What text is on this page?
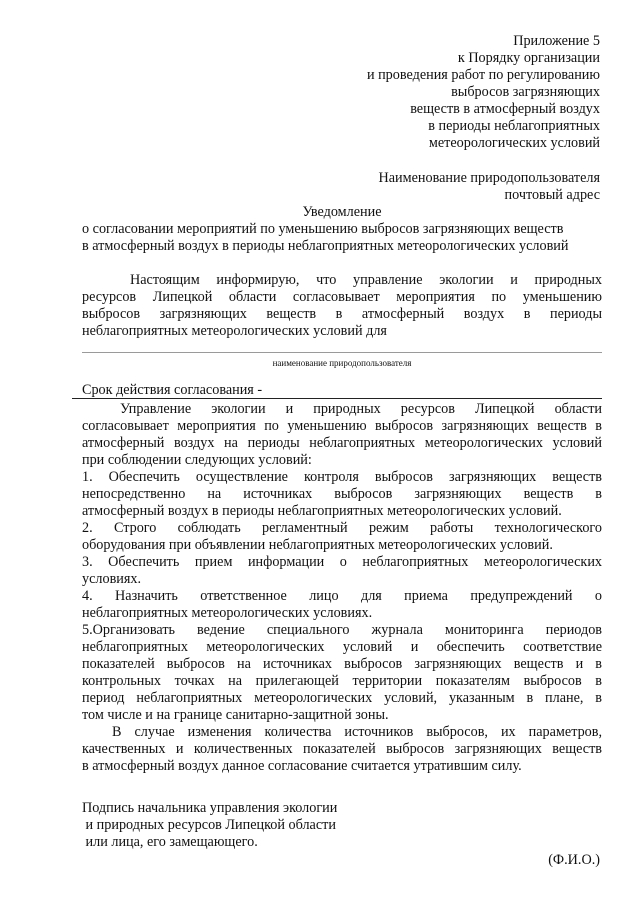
Приложение 5
к Порядку организации
и проведения работ по регулированию
выбросов загрязняющих
веществ в атмосферный воздух
в периоды неблагоприятных
метеорологических условий
Наименование природопользователя
почтовый адрес
Уведомление
о согласовании мероприятий по уменьшению выбросов загрязняющих веществ
в атмосферный воздух в периоды неблагоприятных метеорологических условий
Настоящим информирую, что управление экологии и природных
ресурсов Липецкой области согласовывает мероприятия по уменьшению
выбросов загрязняющих веществ в атмосферный воздух в периоды
неблагоприятных метеорологических условий для
наименование природопользователя
Срок действия согласования -
Управление экологии и природных ресурсов Липецкой области
согласовывает мероприятия по уменьшению выбросов загрязняющих веществ в
атмосферный воздух на периоды неблагоприятных метеорологических условий
при соблюдении следующих условий:
1. Обеспечить осуществление контроля выбросов загрязняющих веществ
непосредственно на источниках выбросов загрязняющих веществ в
атмосферный воздух в периоды неблагоприятных метеорологических условий.
2. Строго соблюдать регламентный режим работы технологического
оборудования при объявлении неблагоприятных метеорологических условий.
3. Обеспечить прием информации о неблагоприятных метеорологических
условиях.
4. Назначить ответственное лицо для приема предупреждений о
неблагоприятных метеорологических условиях.
5.Организовать ведение специального журнала мониторинга периодов
неблагоприятных метеорологических условий и обеспечить соответствие
показателей выбросов на источниках выбросов загрязняющих веществ и в
контрольных точках на прилегающей территории показателям выбросов в
период неблагоприятных метеорологических условий, указанным в плане, в
том числе и на границе санитарно-защитной зоны.
В случае изменения количества источников выбросов, их параметров,
качественных и количественных показателей выбросов загрязняющих веществ
в атмосферный воздух данное согласование считается утратившим силу.
Подпись начальника управления экологии
и природных ресурсов Липецкой области
или лица, его замещающего.
(Ф.И.О.)
